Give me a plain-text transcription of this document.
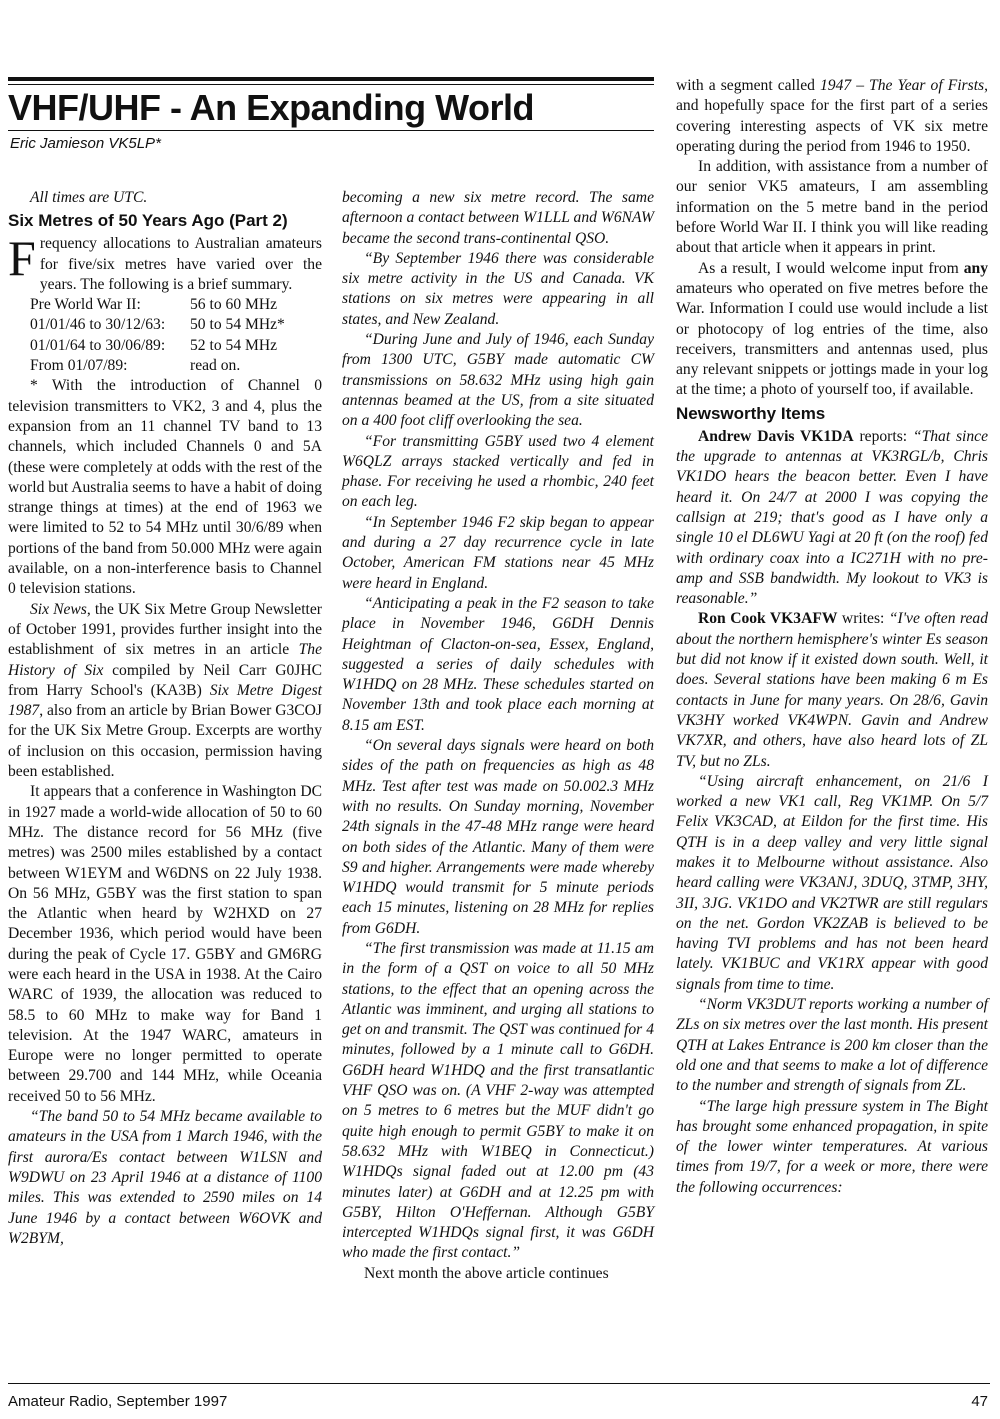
VHF/UHF - An Expanding World
Eric Jamieson VK5LP*

All times are UTC.

Six Metres of 50 Years Ago (Part 2)

Frequency allocations to Australian amateurs for five/six metres have varied over the years. The following is a brief summary.

Pre World War II:	56 to 60 MHz
01/01/46 to 30/12/63:	50 to 54 MHz*
01/01/64 to 30/06/89:	52 to 54 MHz
From 01/07/89:	read on.

* With the introduction of Channel 0 television transmitters to VK2, 3 and 4, plus the expansion from an 11 channel TV band to 13 channels, which included Channels 0 and 5A (these were completely at odds with the rest of the world but Australia seems to have a habit of doing strange things at times) at the end of 1963 we were limited to 52 to 54 MHz until 30/6/89 when portions of the band from 50.000 MHz were again available, on a non-interference basis to Channel 0 television stations.

Six News, the UK Six Metre Group Newsletter of October 1991, provides further insight into the establishment of six metres in an article The History of Six compiled by Neil Carr G0JHC from Harry School's (KA3B) Six Metre Digest 1987, also from an article by Brian Bower G3COJ for the UK Six Metre Group. Excerpts are worthy of inclusion on this occasion, permission having been established.

It appears that a conference in Washington DC in 1927 made a world-wide allocation of 50 to 60 MHz. The distance record for 56 MHz (five metres) was 2500 miles established by a contact between W1EYM and W6DNS on 22 July 1938. On 56 MHz, G5BY was the first station to span the Atlantic when heard by W2HXD on 27 December 1936, which period would have been during the peak of Cycle 17. G5BY and GM6RG were each heard in the USA in 1938. At the Cairo WARC of 1939, the allocation was reduced to 58.5 to 60 MHz to make way for Band 1 television. At the 1947 WARC, amateurs in Europe were no longer permitted to operate between 29.700 and 144 MHz, while Oceania received 50 to 56 MHz.

“The band 50 to 54 MHz became available to amateurs in the USA from 1 March 1946, with the first aurora/Es contact between W1LSN and W9DWU on 23 April 1946 at a distance of 1100 miles. This was extended to 2590 miles on 14 June 1946 by a contact between W6OVK and W2BYM,

becoming a new six metre record. The same afternoon a contact between W1LLL and W6NAW became the second trans-continental QSO.

“By September 1946 there was considerable six metre activity in the US and Canada. VK stations on six metres were appearing in all states, and New Zealand.

“During June and July of 1946, each Sunday from 1300 UTC, G5BY made automatic CW transmissions on 58.632 MHz using high gain antennas beamed at the US, from a site situated on a 400 foot cliff overlooking the sea.

“For transmitting G5BY used two 4 element W6QLZ arrays stacked vertically and fed in phase. For receiving he used a rhombic, 240 feet on each leg.

“In September 1946 F2 skip began to appear and during a 27 day recurrence cycle in late October, American FM stations near 45 MHz were heard in England.

“Anticipating a peak in the F2 season to take place in November 1946, G6DH Dennis Heightman of Clacton-on-sea, Essex, England, suggested a series of daily schedules with W1HDQ on 28 MHz. These schedules started on November 13th and took place each morning at 8.15 am EST.

“On several days signals were heard on both sides of the path on frequencies as high as 48 MHz. Test after test was made on 50.002.3 MHz with no results. On Sunday morning, November 24th signals in the 47-48 MHz range were heard on both sides of the Atlantic. Many of them were S9 and higher. Arrangements were made whereby W1HDQ would transmit for 5 minute periods each 15 minutes, listening on 28 MHz for replies from G6DH.

“The first transmission was made at 11.15 am in the form of a QST on voice to all 50 MHz stations, to the effect that an opening across the Atlantic was imminent, and urging all stations to get on and transmit. The QST was continued for 4 minutes, followed by a 1 minute call to G6DH. G6DH heard W1HDQ and the first transatlantic VHF QSO was on. (A VHF 2-way was attempted on 5 metres to 6 metres but the MUF didn't go quite high enough to permit G5BY to make it on 58.632 MHz with W1BEQ in Connecticut.) W1HDQs signal faded out at 12.00 pm (43 minutes later) at G6DH and at 12.25 pm with G5BY, Hilton O'Heffernan. Although G5BY intercepted W1HDQs signal first, it was G6DH who made the first contact.”

Next month the above article continues

with a segment called 1947 – The Year of Firsts, and hopefully space for the first part of a series covering interesting aspects of VK six metre operating during the period from 1946 to 1950.

In addition, with assistance from a number of our senior VK5 amateurs, I am assembling information on the 5 metre band in the period before World War II. I think you will like reading about that article when it appears in print.

As a result, I would welcome input from any amateurs who operated on five metres before the War. Information I could use would include a list or photocopy of log entries of the time, also receivers, transmitters and antennas used, plus any relevant snippets or jottings made in your log at the time; a photo of yourself too, if available.

Newsworthy Items

Andrew Davis VK1DA reports: “That since the upgrade to antennas at VK3RGL/b, Chris VK1DO hears the beacon better. Even I have heard it. On 24/7 at 2000 I was copying the callsign at 219; that's good as I have only a single 10 el DL6WU Yagi at 20 ft (on the roof) fed with ordinary coax into a IC271H with no pre-amp and SSB bandwidth. My lookout to VK3 is reasonable.”

Ron Cook VK3AFW writes: “I've often read about the northern hemisphere's winter Es season but did not know if it existed down south. Well, it does. Several stations have been making 6 m Es contacts in June for many years. On 28/6, Gavin VK3HY worked VK4WPN. Gavin and Andrew VK7XR, and others, have also heard lots of ZL TV, but no ZLs.

“Using aircraft enhancement, on 21/6 I worked a new VK1 call, Reg VK1MP. On 5/7 Felix VK3CAD, at Eildon for the first time. His QTH is in a deep valley and very little signal makes it to Melbourne without assistance. Also heard calling were VK3ANJ, 3DUQ, 3TMP, 3HY, 3II, 3JG. VK1DO and VK2TWR are still regulars on the net. Gordon VK2ZAB is believed to be having TVI problems and has not been heard lately. VK1BUC and VK1RX appear with good signals from time to time.

“Norm VK3DUT reports working a number of ZLs on six metres over the last month. His present QTH at Lakes Entrance is 200 km closer than the old one and that seems to make a lot of difference to the number and strength of signals from ZL.

“The large high pressure system in The Bight has brought some enhanced propagation, in spite of the lower winter temperatures. At various times from 19/7, for a week or more, there were the following occurrences:

Amateur Radio, September 1997	47
